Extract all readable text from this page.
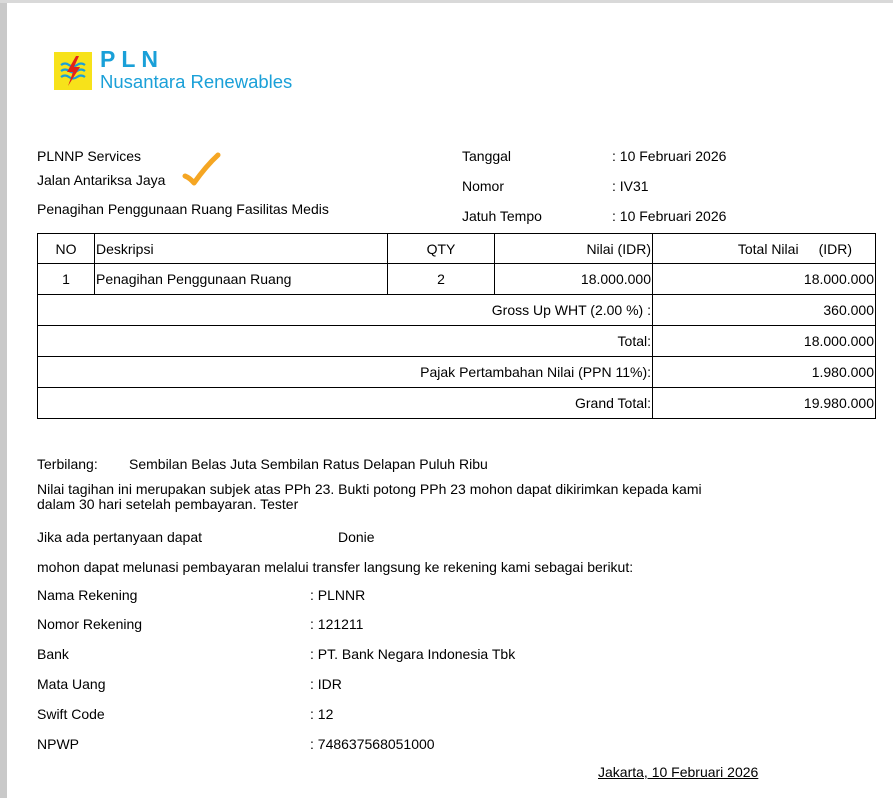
PLN
Nusantara Renewables
PLNNP Services
Jalan Antariksa Jaya
Penagihan Penggunaan Ruang Fasilitas Medis
Tanggal	: 10 Februari 2026
Nomor	: IV31
Jatuh Tempo	: 10 Februari 2026
NO	Deskripsi	QTY	Nilai (IDR)	Total Nilai (IDR)

1	Penagihan Penggunaan Ruang	2	18.000.000	18.000.000
Gross Up WHT (2.00 %) :				360.000
Total:				18.000.000
Pajak Pertambahan Nilai (PPN 11%):				1.980.000
Grand Total:				19.980.000
Terbilang: Sembilan Belas Juta Sembilan Ratus Delapan Puluh Ribu
Nilai tagihan ini merupakan subjek atas PPh 23. Bukti potong PPh 23 mohon dapat dikirimkan kepada kami
dalam 30 hari setelah pembayaran. Tester
Jika ada pertanyaan dapat	Donie
mohon dapat melunasi pembayaran melalui transfer langsung ke rekening kami sebagai berikut:
Nama Rekening	: PLNNR
Nomor Rekening	: 121211
Bank	: PT. Bank Negara Indonesia Tbk
Mata Uang	: IDR
Swift Code	: 12
NPWP	: 748637568051000
Jakarta, 10 Februari 2026
